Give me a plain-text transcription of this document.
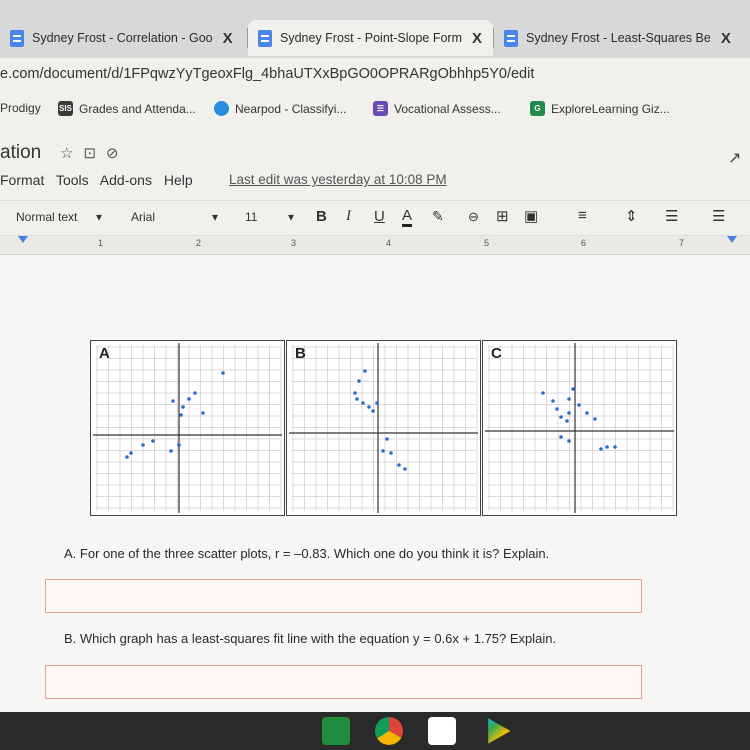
Sydney Frost - Correlation - Goo X	Sydney Frost - Point-Slope Form X	Sydney Frost - Least-Squares Be X
e.com/document/d/1FPqwzYyTgeoxFlg_4bhaUTXxBpGO0OPRARgObhhp5Y0/edit
Prodigy SIS Grades and Attenda...	Nearpod - Classifyi...	☰ Vocational Assess...	G ExploreLearning Giz...
ation ☆⊡⊘	↗
Format Tools Add-ons Help	Last edit was yesterday at 10:08 PM
Normal text ▾ Arial	▾ 11	▾ B I U A ✎ ⊖ ⊞ ▣	≡	⇕ ☰ ☰
1	2	3	4	5	6	7
A	B	C
A. For one of the three scatter plots, r = –0.83. Which one do you think it is? Explain.
B. Which graph has a least-squares fit line with the equation y = 0.6x + 1.75? Explain.
